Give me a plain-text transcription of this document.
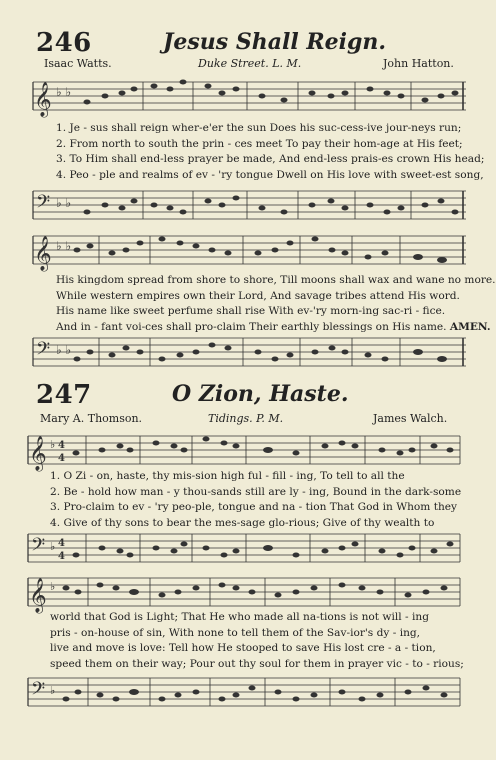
246	Jesus Shall Reign.
Isaac Watts.	Duke Street. L. M.	John Hatton.
𝄞 ♭ ♭
1. Je - sus shall reign wher-e'er the sun Does his suc-cess-ive jour-neys run;
2. From north to south the prin - ces meet To pay their hom-age at His feet;
3. To Him shall end-less prayer be made, And end-less prais-es crown His head;
4. Peo - ple and realms of ev - 'ry tongue Dwell on His love with sweet-est song,
𝄢 ♭ ♭
𝄞 ♭ ♭
His kingdom spread from shore to shore, Till moons shall wax and wane no more.
While western empires own their Lord, And savage tribes attend His word.
His name like sweet perfume shall rise With ev-'ry morn-ing sac-ri - fice.
And in - fant voi-ces shall pro-claim Their earthly blessings on His name. AMEN.
𝄢 ♭ ♭
247	O Zion, Haste.
Mary A. Thomson.	Tidings. P. M.	James Walch.
𝄞 ♭ 4
4
1. O Zi - on, haste, thy mis-sion high ful - fill - ing, To tell to all the
2. Be - hold how man - y thou-sands still are ly - ing, Bound in the dark-some
3. Pro-claim to ev - 'ry peo-ple, tongue and na - tion That God in Whom they
4. Give of thy sons to bear the mes-sage glo-rious; Give of thy wealth to
𝄢 ♭ 4
4
𝄞 ♭
world that God is Light; That He who made all na-tions is not will - ing
pris - on-house of sin, With none to tell them of the Sav-ior's dy - ing,
live and move is love: Tell how He stooped to save His lost cre - a - tion,
speed them on their way; Pour out thy soul for them in prayer vic - to - rious;
𝄢 ♭
